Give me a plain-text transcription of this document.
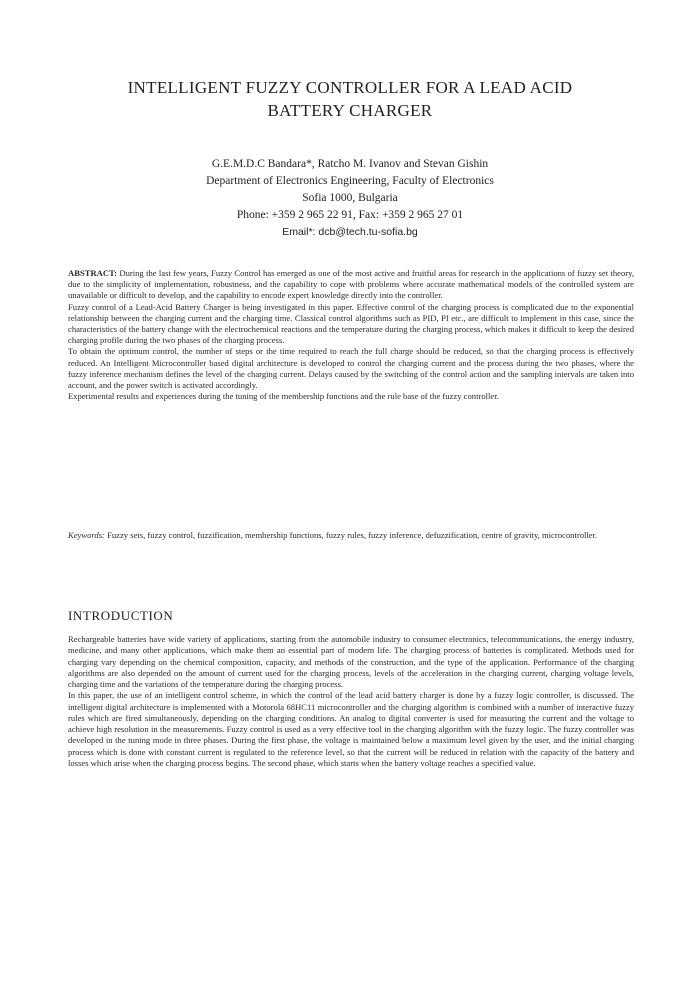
INTELLIGENT FUZZY CONTROLLER FOR A LEAD ACID
BATTERY CHARGER
G.E.M.D.C Bandara*, Ratcho M. Ivanov and Stevan Gishin
Department of Electronics Engineering, Faculty of Electronics
Sofia 1000, Bulgaria
Phone: +359 2 965 22 91, Fax: +359 2 965 27 01
Email*: dcb@tech.tu-sofia.bg

ABSTRACT: During the last few years, Fuzzy Control has emerged as one of the most active and fruitful areas for research in the applications of fuzzy set theory, due to the simplicity of implementation, robustness, and the capability to cope with problems where accurate mathematical models of the controlled system are unavailable or difficult to develop, and the capability to encode expert knowledge directly into the controller.

Fuzzy control of a Lead-Acid Battery Charger is being investigated in this paper. Effective control of the charging process is complicated due to the exponential relationship between the charging current and the charging time. Classical control algorithms such as PID, PI etc., are difficult to implement in this case, since the characteristics of the battery change with the electrochemical reactions and the temperature during the charging process, which makes it difficult to keep the desired charging profile during the two phases of the charging process.

To obtain the optimum control, the number of steps or the time required to reach the full charge should be reduced, so that the charging process is effectively reduced. An Intelligent Microcontroller based digital architecture is developed to control the charging current and the process during the two phases, where the fuzzy inference mechanism defines the level of the charging current. Delays caused by the switching of the control action and the sampling intervals are taken into account, and the power switch is activated accordingly.

Experimental results and experiences during the tuning of the membership functions and the rule base of the fuzzy controller.

Keywords: Fuzzy sets, fuzzy control, fuzzification, membership functions, fuzzy rules, fuzzy inference, defuzzification, centre of gravity, microcontroller.

INTRODUCTION

Rechargeable batteries have wide variety of applications, starting from the automobile industry to consumer electronics, telecommunications, the energy industry, medicine, and many other applications, which make them an essential part of modern life. The charging process of batteries is complicated. Methods used for charging vary depending on the chemical composition, capacity, and methods of the construction, and the type of the application. Performance of the charging algorithms are also depended on the amount of current used for the charging process, levels of the acceleration in the charging current, charging voltage levels, charging time and the variations of the temperature during the charging process.

In this paper, the use of an intelligent control scheme, in which the control of the lead acid battery charger is done by a fuzzy logic controller, is discussed. The intelligent digital architecture is implemented with a Motorola 68HC11 microcontroller and the charging algorithm is combined with a number of interactive fuzzy rules which are fired simultaneously, depending on the charging conditions. An analog to digital converter is used for measuring the current and the voltage to achieve high resolution in the measurements. Fuzzy control is used as a very effective tool in the charging algorithm with the fuzzy logic. The fuzzy controller was developed in the tuning mode in three phases. During the first phase, the voltage is maintained below a maximum level given by the user, and the initial charging process which is done with constant current is regulated to the reference level, so that the current will be reduced in relation with the capacity of the battery and losses which arise when the charging process begins. The second phase, which starts when the battery voltage reaches a specified value.
